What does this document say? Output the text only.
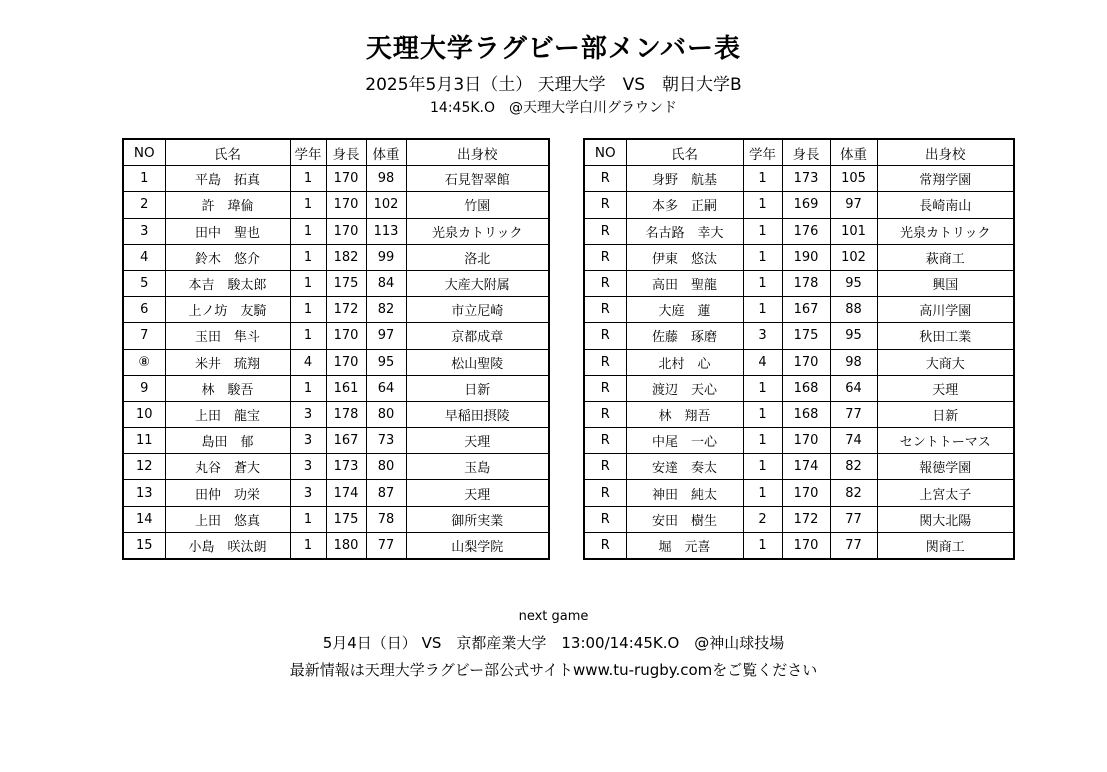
天理大学ラグビー部メンバー表
2025年5月3日（土） 天理大学　VS　朝日大学B
14:45K.O　@天理大学白川グラウンド
NO	氏名	学年	身長	体重	出身校
1	平島　拓真	1	170	98	石見智翠館
2	許　瑋倫	1	170	102	竹園
3	田中　聖也	1	170	113	光泉カトリック
4	鈴木　悠介	1	182	99	洛北
5	本吉　駿太郎	1	175	84	大産大附属
6	上ノ坊　友騎	1	172	82	市立尼崎
7	玉田　隼斗	1	170	97	京都成章
⑧	米井　琉翔	4	170	95	松山聖陵
9	林　駿吾	1	161	64	日新
10	上田　龍宝	3	178	80	早稲田摂陵
11	島田　郁	3	167	73	天理
12	丸谷　蒼大	3	173	80	玉島
13	田仲　功栄	3	174	87	天理
14	上田　悠真	1	175	78	御所実業
15	小島　咲汰朗	1	180	77	山梨学院
NO	氏名	学年	身長	体重	出身校
R	身野　航基	1	173	105	常翔学園
R	本多　正嗣	1	169	97	長崎南山
R	名古路　幸大	1	176	101	光泉カトリック
R	伊東　悠汰	1	190	102	萩商工
R	高田　聖龍	1	178	95	興国
R	大庭　蓮	1	167	88	高川学園
R	佐藤　琢磨	3	175	95	秋田工業
R	北村　心	4	170	98	大商大
R	渡辺　天心	1	168	64	天理
R	林　翔吾	1	168	77	日新
R	中尾　一心	1	170	74	セントトーマス
R	安達　奏太	1	174	82	報徳学園
R	神田　純太	1	170	82	上宮太子
R	安田　樹生	2	172	77	関大北陽
R	堀　元喜	1	170	77	関商工
next game
5月4日（日） VS　京都産業大学　13:00/14:45K.O　@神山球技場
最新情報は天理大学ラグビー部公式サイトwww.tu-rugby.comをご覧ください
